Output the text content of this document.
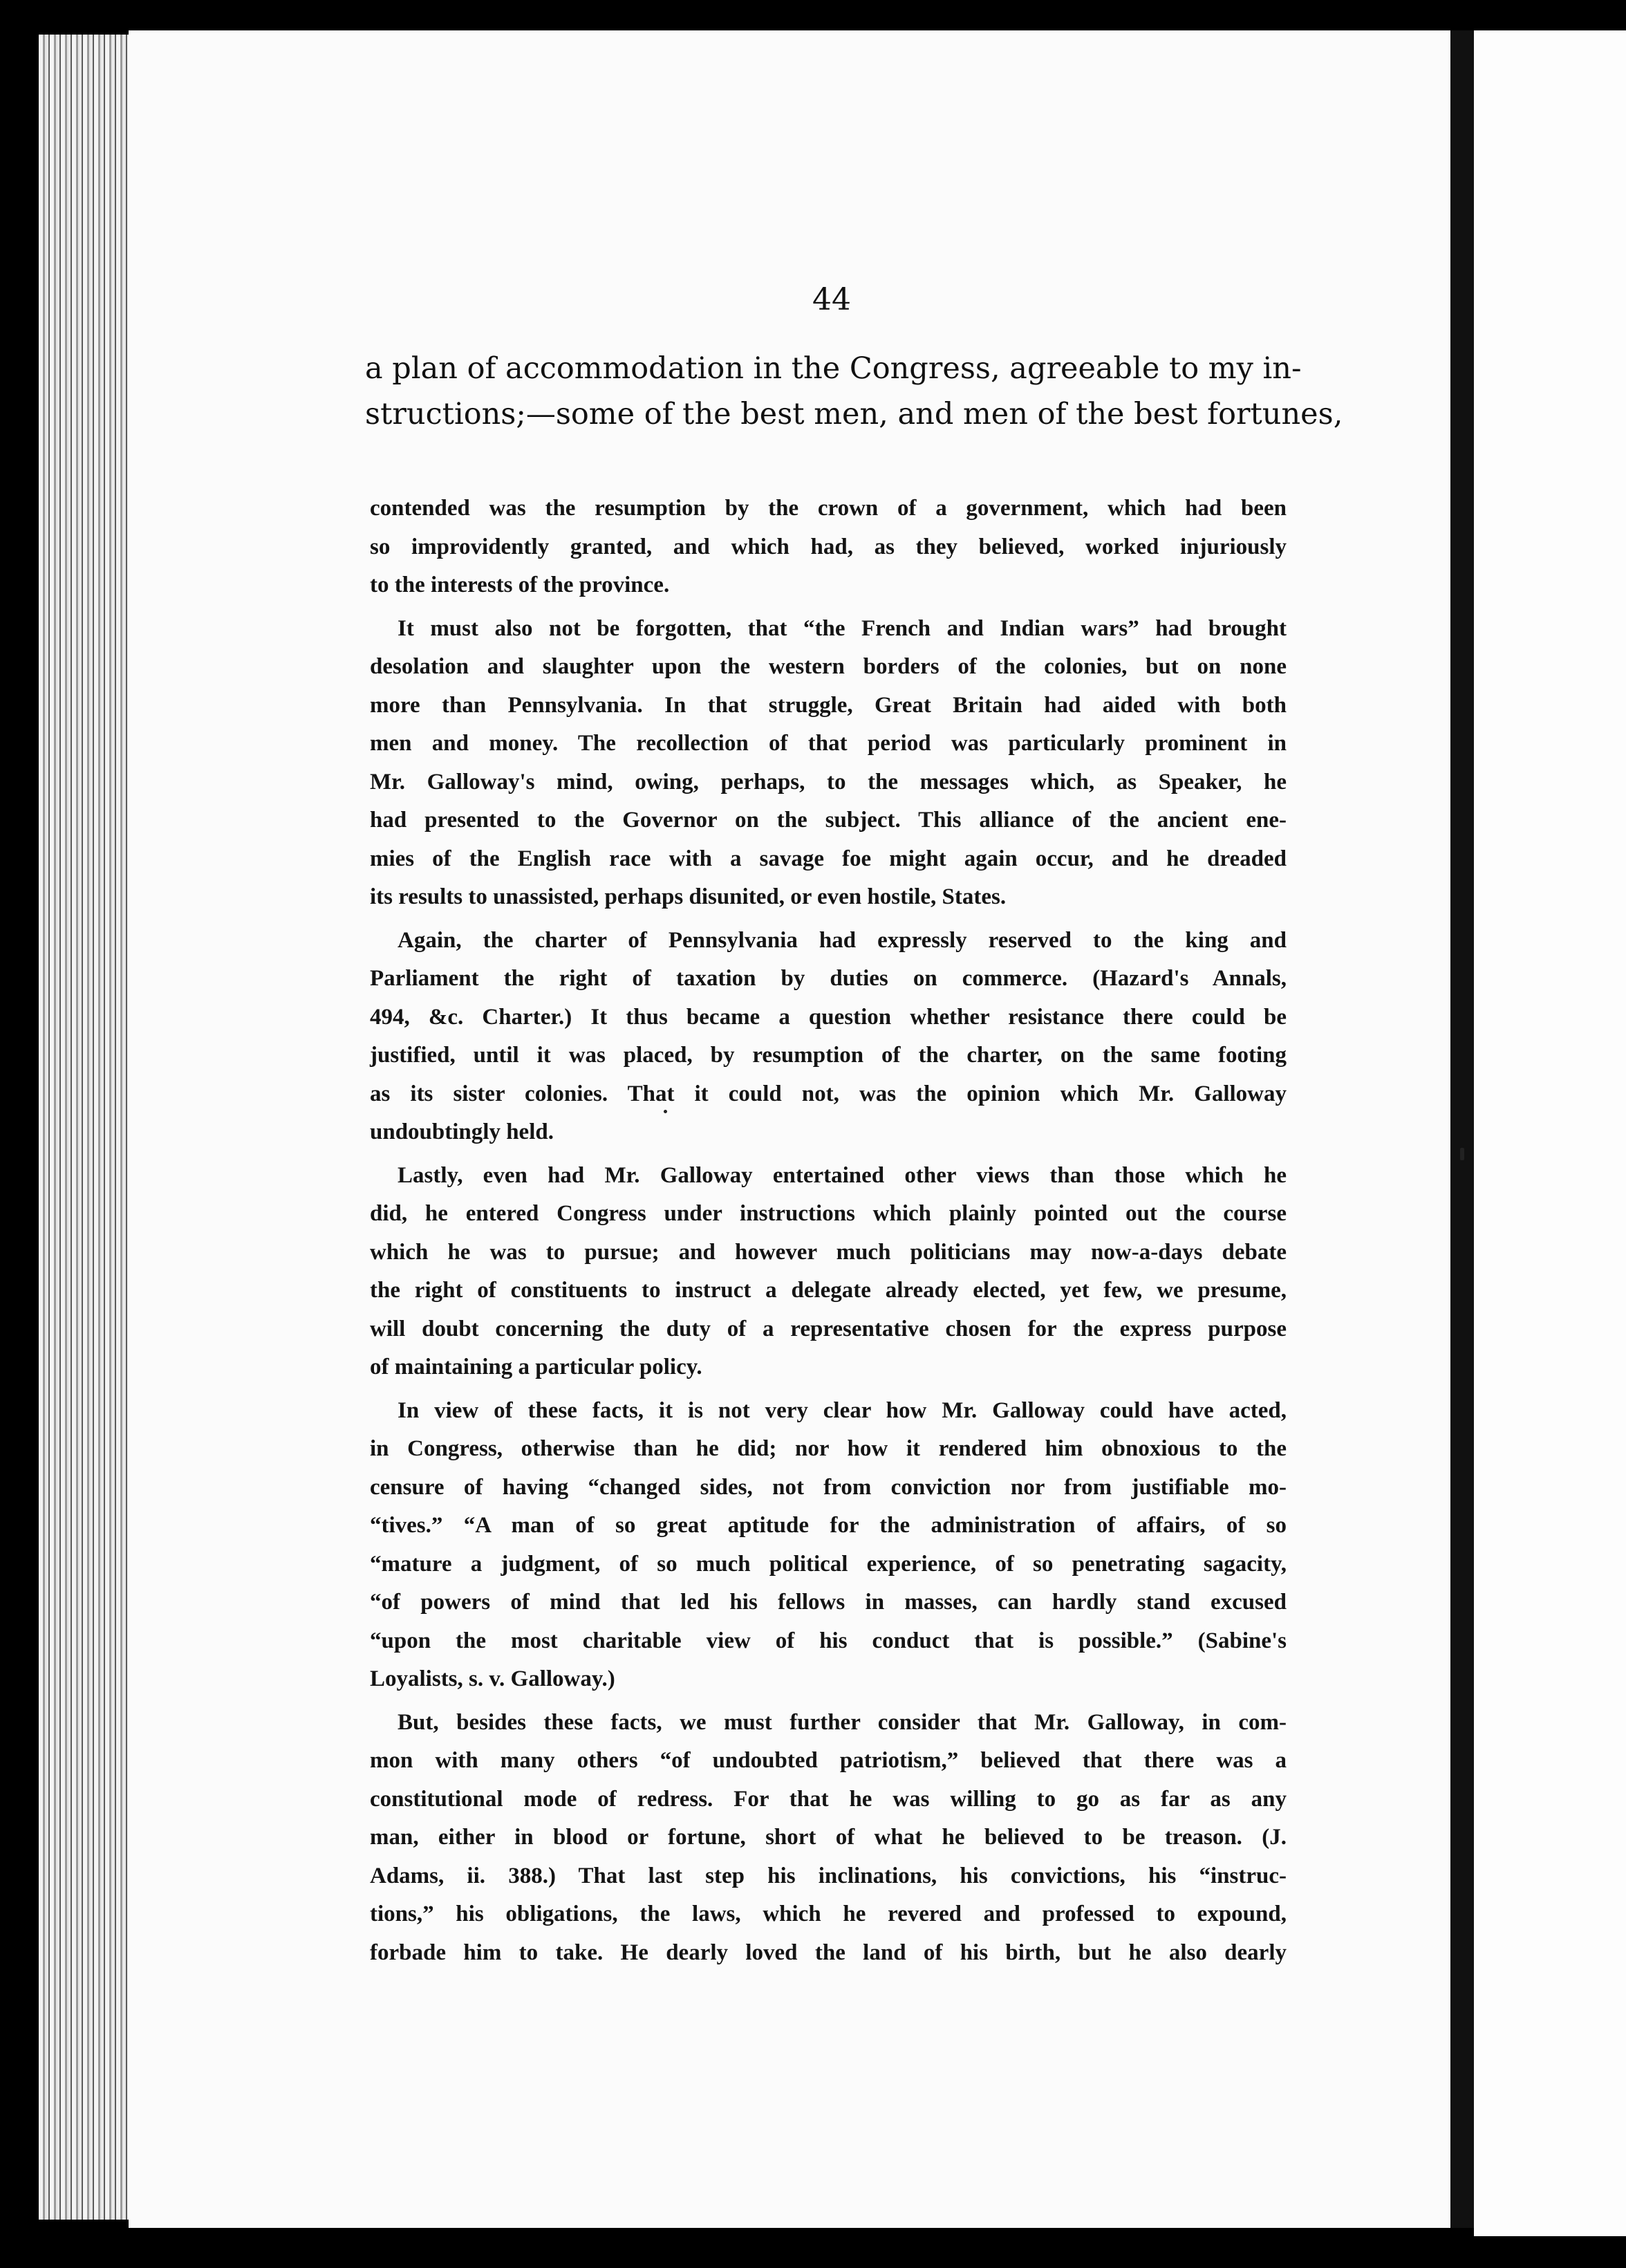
44
a plan of accommodation in the Congress, agreeable to my in-
structions;—some of the best men, and men of the best fortunes,
contended was the resumption by the crown of a government, which had been
so improvidently granted, and which had, as they believed, worked injuriously
to the interests of the province.
It must also not be forgotten, that “the French and Indian wars” had brought
desolation and slaughter upon the western borders of the colonies, but on none
more than Pennsylvania. In that struggle, Great Britain had aided with both
men and money. The recollection of that period was particularly prominent in
Mr. Galloway's mind, owing, perhaps, to the messages which, as Speaker, he
had presented to the Governor on the subject. This alliance of the ancient ene-
mies of the English race with a savage foe might again occur, and he dreaded
its results to unassisted, perhaps disunited, or even hostile, States.
Again, the charter of Pennsylvania had expressly reserved to the king and
Parliament the right of taxation by duties on commerce. (Hazard's Annals,
494, &c. Charter.) It thus became a question whether resistance there could be
justified, until it was placed, by resumption of the charter, on the same footing
as its sister colonies. That it could not, was the opinion which Mr. Galloway
undoubtingly held.
Lastly, even had Mr. Galloway entertained other views than those which he
did, he entered Congress under instructions which plainly pointed out the course
which he was to pursue; and however much politicians may now-a-days debate
the right of constituents to instruct a delegate already elected, yet few, we presume,
will doubt concerning the duty of a representative chosen for the express purpose
of maintaining a particular policy.
In view of these facts, it is not very clear how Mr. Galloway could have acted,
in Congress, otherwise than he did; nor how it rendered him obnoxious to the
censure of having “changed sides, not from conviction nor from justifiable mo-
“tives.” “A man of so great aptitude for the administration of affairs, of so
“mature a judgment, of so much political experience, of so penetrating sagacity,
“of powers of mind that led his fellows in masses, can hardly stand excused
“upon the most charitable view of his conduct that is possible.” (Sabine's
Loyalists, s. v. Galloway.)
But, besides these facts, we must further consider that Mr. Galloway, in com-
mon with many others “of undoubted patriotism,” believed that there was a
constitutional mode of redress. For that he was willing to go as far as any
man, either in blood or fortune, short of what he believed to be treason. (J.
Adams, ii. 388.) That last step his inclinations, his convictions, his “instruc-
tions,” his obligations, the laws, which he revered and professed to expound,
forbade him to take. He dearly loved the land of his birth, but he also dearly
